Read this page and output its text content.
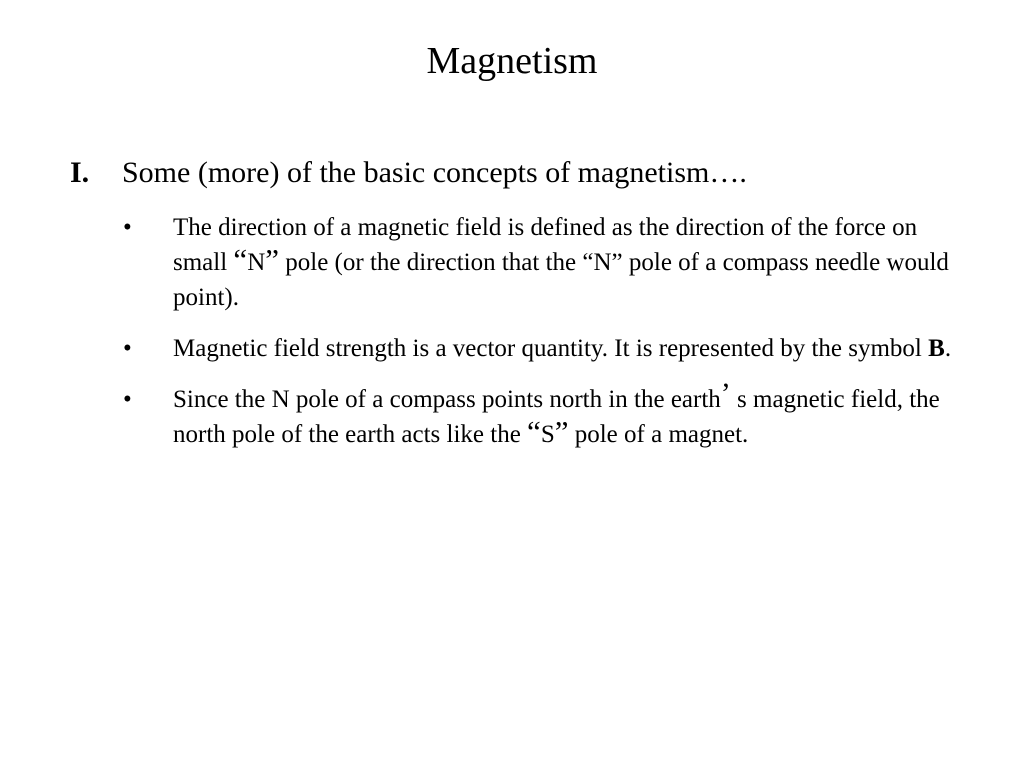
Magnetism
I. Some (more) of the basic concepts of magnetism….
• The direction of a magnetic field is defined as the direction of the force on small “N” pole (or the direction that the “N” pole of a compass needle would point).
• Magnetic field strength is a vector quantity. It is represented by the symbol B.
• Since the N pole of a compass points north in the earth’ s magnetic field, the north pole of the earth acts like the “S” pole of a magnet.
